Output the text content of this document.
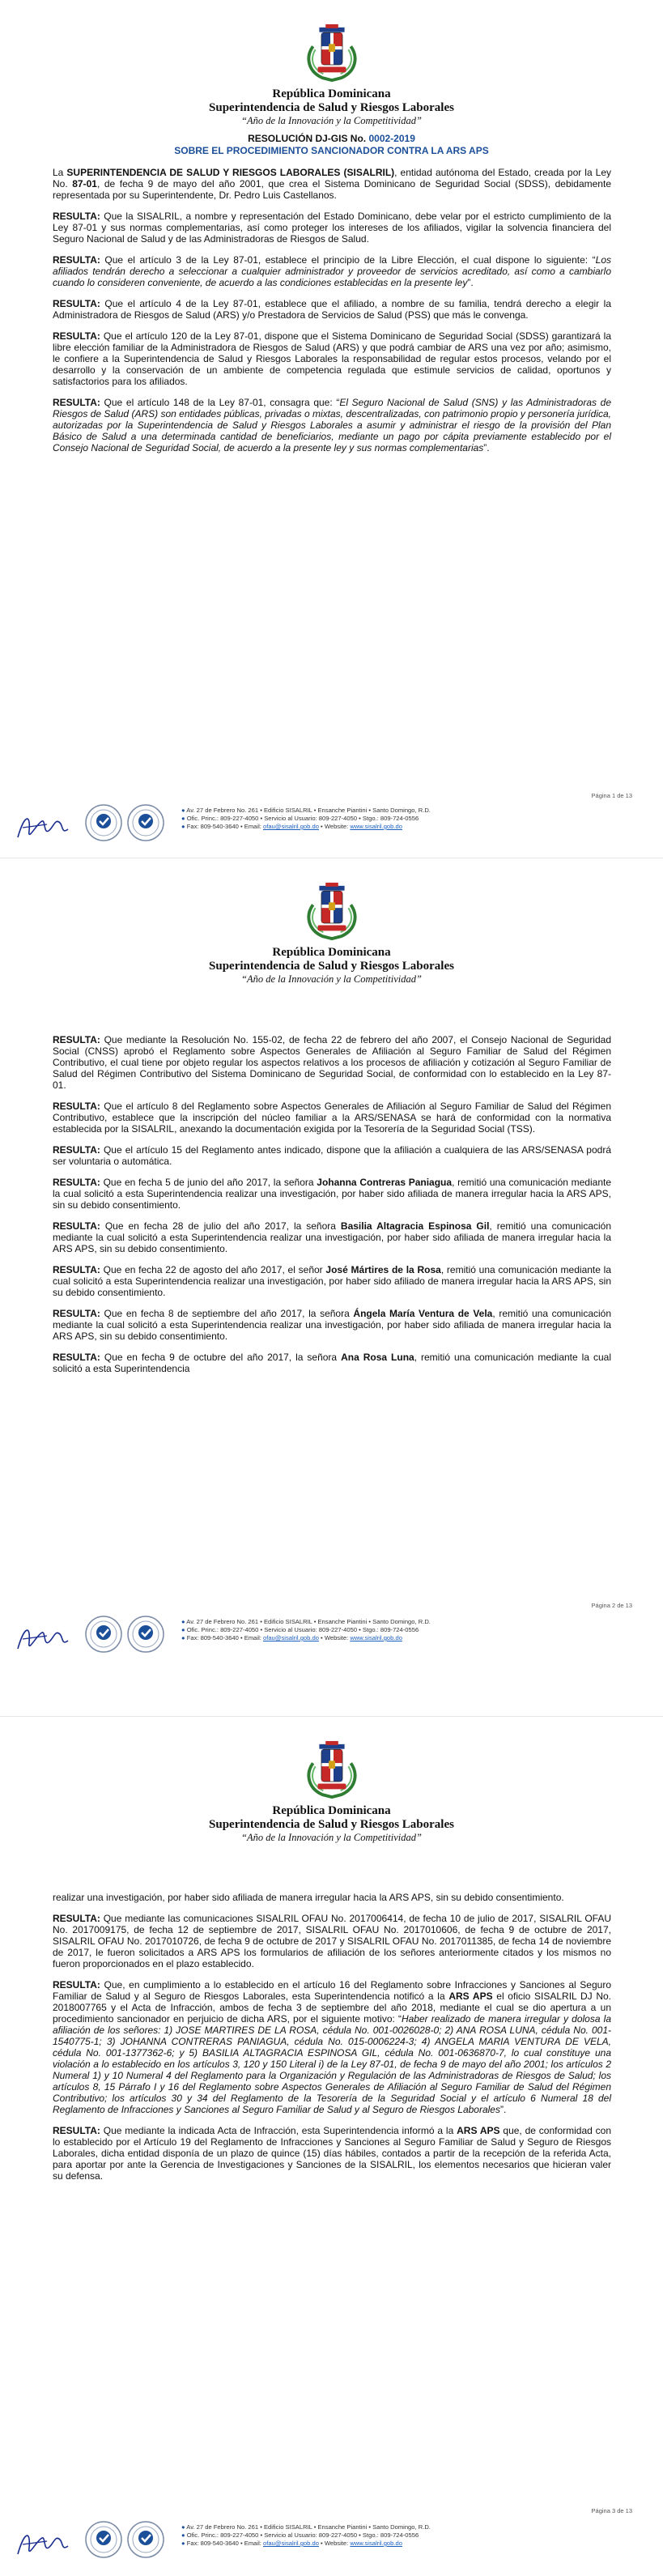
República Dominicana
Superintendencia de Salud y Riesgos Laborales
“Año de la Innovación y la Competitividad”
RESOLUCIÓN DJ-GIS No. 0002-2019
SOBRE EL PROCEDIMIENTO SANCIONADOR CONTRA LA ARS APS

La SUPERINTENDENCIA DE SALUD Y RIESGOS LABORALES (SISALRIL), entidad autónoma del Estado, creada por la Ley No. 87-01, de fecha 9 de mayo del año 2001, que crea el Sistema Dominicano de Seguridad Social (SDSS), debidamente representada por su Superintendente, Dr. Pedro Luis Castellanos.

RESULTA: Que la SISALRIL, a nombre y representación del Estado Dominicano, debe velar por el estricto cumplimiento de la Ley 87-01 y sus normas complementarias, así como proteger los intereses de los afiliados, vigilar la solvencia financiera del Seguro Nacional de Salud y de las Administradoras de Riesgos de Salud.

RESULTA: Que el artículo 3 de la Ley 87-01, establece el principio de la Libre Elección, el cual dispone lo siguiente: “Los afiliados tendrán derecho a seleccionar a cualquier administrador y proveedor de servicios acreditado, así como a cambiarlo cuando lo consideren conveniente, de acuerdo a las condiciones establecidas en la presente ley”.

RESULTA: Que el artículo 4 de la Ley 87-01, establece que el afiliado, a nombre de su familia, tendrá derecho a elegir la Administradora de Riesgos de Salud (ARS) y/o Prestadora de Servicios de Salud (PSS) que más le convenga.

RESULTA: Que el artículo 120 de la Ley 87-01, dispone que el Sistema Dominicano de Seguridad Social (SDSS) garantizará la libre elección familiar de la Administradora de Riesgos de Salud (ARS) y que podrá cambiar de ARS una vez por año; asimismo, le confiere a la Superintendencia de Salud y Riesgos Laborales la responsabilidad de regular estos procesos, velando por el desarrollo y la conservación de un ambiente de competencia regulada que estimule servicios de calidad, oportunos y satisfactorios para los afiliados.

RESULTA: Que el artículo 148 de la Ley 87-01, consagra que: “El Seguro Nacional de Salud (SNS) y las Administradoras de Riesgos de Salud (ARS) son entidades públicas, privadas o mixtas, descentralizadas, con patrimonio propio y personería jurídica, autorizadas por la Superintendencia de Salud y Riesgos Laborales a asumir y administrar el riesgo de la provisión del Plan Básico de Salud a una determinada cantidad de beneficiarios, mediante un pago por cápita previamente establecido por el Consejo Nacional de Seguridad Social, de acuerdo a la presente ley y sus normas complementarias”.

Página 1 de 13
● Av. 27 de Febrero No. 261 • Edificio SISALRIL • Ensanche Piantini • Santo Domingo, R.D.
● Ofic. Princ.: 809-227-4050 • Servicio al Usuario: 809-227-4050 • Stgo.: 809-724-0556
● Fax: 809-540-3640 • Email: ofau@sisalril.gob.do • Website: www.sisalril.gob.do
República Dominicana
Superintendencia de Salud y Riesgos Laborales
“Año de la Innovación y la Competitividad”

RESULTA: Que mediante la Resolución No. 155-02, de fecha 22 de febrero del año 2007, el Consejo Nacional de Seguridad Social (CNSS) aprobó el Reglamento sobre Aspectos Generales de Afiliación al Seguro Familiar de Salud del Régimen Contributivo, el cual tiene por objeto regular los aspectos relativos a los procesos de afiliación y cotización al Seguro Familiar de Salud del Régimen Contributivo del Sistema Dominicano de Seguridad Social, de conformidad con lo establecido en la Ley 87-01.

RESULTA: Que el artículo 8 del Reglamento sobre Aspectos Generales de Afiliación al Seguro Familiar de Salud del Régimen Contributivo, establece que la inscripción del núcleo familiar a la ARS/SENASA se hará de conformidad con la normativa establecida por la SISALRIL, anexando la documentación exigida por la Tesorería de la Seguridad Social (TSS).

RESULTA: Que el artículo 15 del Reglamento antes indicado, dispone que la afiliación a cualquiera de las ARS/SENASA podrá ser voluntaria o automática.

RESULTA: Que en fecha 5 de junio del año 2017, la señora Johanna Contreras Paniagua, remitió una comunicación mediante la cual solicitó a esta Superintendencia realizar una investigación, por haber sido afiliada de manera irregular hacia la ARS APS, sin su debido consentimiento.

RESULTA: Que en fecha 28 de julio del año 2017, la señora Basilia Altagracia Espinosa Gil, remitió una comunicación mediante la cual solicitó a esta Superintendencia realizar una investigación, por haber sido afiliada de manera irregular hacia la ARS APS, sin su debido consentimiento.

RESULTA: Que en fecha 22 de agosto del año 2017, el señor José Mártires de la Rosa, remitió una comunicación mediante la cual solicitó a esta Superintendencia realizar una investigación, por haber sido afiliado de manera irregular hacia la ARS APS, sin su debido consentimiento.

RESULTA: Que en fecha 8 de septiembre del año 2017, la señora Ángela María Ventura de Vela, remitió una comunicación mediante la cual solicitó a esta Superintendencia realizar una investigación, por haber sido afiliada de manera irregular hacia la ARS APS, sin su debido consentimiento.

RESULTA: Que en fecha 9 de octubre del año 2017, la señora Ana Rosa Luna, remitió una comunicación mediante la cual solicitó a esta Superintendencia

Página 2 de 13
● Av. 27 de Febrero No. 261 • Edificio SISALRIL • Ensanche Piantini • Santo Domingo, R.D.
● Ofic. Princ.: 809-227-4050 • Servicio al Usuario: 809-227-4050 • Stgo.: 809-724-0556
● Fax: 809-540-3640 • Email: ofau@sisalril.gob.do • Website: www.sisalril.gob.do
República Dominicana
Superintendencia de Salud y Riesgos Laborales
“Año de la Innovación y la Competitividad”

realizar una investigación, por haber sido afiliada de manera irregular hacia la ARS APS, sin su debido consentimiento.

RESULTA: Que mediante las comunicaciones SISALRIL OFAU No. 2017006414, de fecha 10 de julio de 2017, SISALRIL OFAU No. 2017009175, de fecha 12 de septiembre de 2017, SISALRIL OFAU No. 2017010606, de fecha 9 de octubre de 2017, SISALRIL OFAU No. 2017010726, de fecha 9 de octubre de 2017 y SISALRIL OFAU No. 2017011385, de fecha 14 de noviembre de 2017, le fueron solicitados a ARS APS los formularios de afiliación de los señores anteriormente citados y los mismos no fueron proporcionados en el plazo establecido.

RESULTA: Que, en cumplimiento a lo establecido en el artículo 16 del Reglamento sobre Infracciones y Sanciones al Seguro Familiar de Salud y al Seguro de Riesgos Laborales, esta Superintendencia notificó a la ARS APS el oficio SISALRIL DJ No. 2018007765 y el Acta de Infracción, ambos de fecha 3 de septiembre del año 2018, mediante el cual se dio apertura a un procedimiento sancionador en perjuicio de dicha ARS, por el siguiente motivo: “Haber realizado de manera irregular y dolosa la afiliación de los señores: 1) JOSE MARTIRES DE LA ROSA, cédula No. 001-0026028-0; 2) ANA ROSA LUNA, cédula No. 001-1540775-1; 3) JOHANNA CONTRERAS PANIAGUA, cédula No. 015-0006224-3; 4) ANGELA MARIA VENTURA DE VELA, cédula No. 001-1377362-6; y 5) BASILIA ALTAGRACIA ESPINOSA GIL, cédula No. 001-0636870-7, lo cual constituye una violación a lo establecido en los artículos 3, 120 y 150 Literal i) de la Ley 87-01, de fecha 9 de mayo del año 2001; los artículos 2 Numeral 1) y 10 Numeral 4 del Reglamento para la Organización y Regulación de las Administradoras de Riesgos de Salud; los artículos 8, 15 Párrafo I y 16 del Reglamento sobre Aspectos Generales de Afiliación al Seguro Familiar de Salud del Régimen Contributivo; los artículos 30 y 34 del Reglamento de la Tesorería de la Seguridad Social y el artículo 6 Numeral 18 del Reglamento de Infracciones y Sanciones al Seguro Familiar de Salud y al Seguro de Riesgos Laborales”.

RESULTA: Que mediante la indicada Acta de Infracción, esta Superintendencia informó a la ARS APS que, de conformidad con lo establecido por el Artículo 19 del Reglamento de Infracciones y Sanciones al Seguro Familiar de Salud y Seguro de Riesgos Laborales, dicha entidad disponía de un plazo de quince (15) días hábiles, contados a partir de la recepción de la referida Acta, para aportar por ante la Gerencia de Investigaciones y Sanciones de la SISALRIL, los elementos necesarios que hicieran valer su defensa.

Página 3 de 13
● Av. 27 de Febrero No. 261 • Edificio SISALRIL • Ensanche Piantini • Santo Domingo, R.D.
● Ofic. Princ.: 809-227-4050 • Servicio al Usuario: 809-227-4050 • Stgo.: 809-724-0556
● Fax: 809-540-3640 • Email: ofau@sisalril.gob.do • Website: www.sisalril.gob.do
